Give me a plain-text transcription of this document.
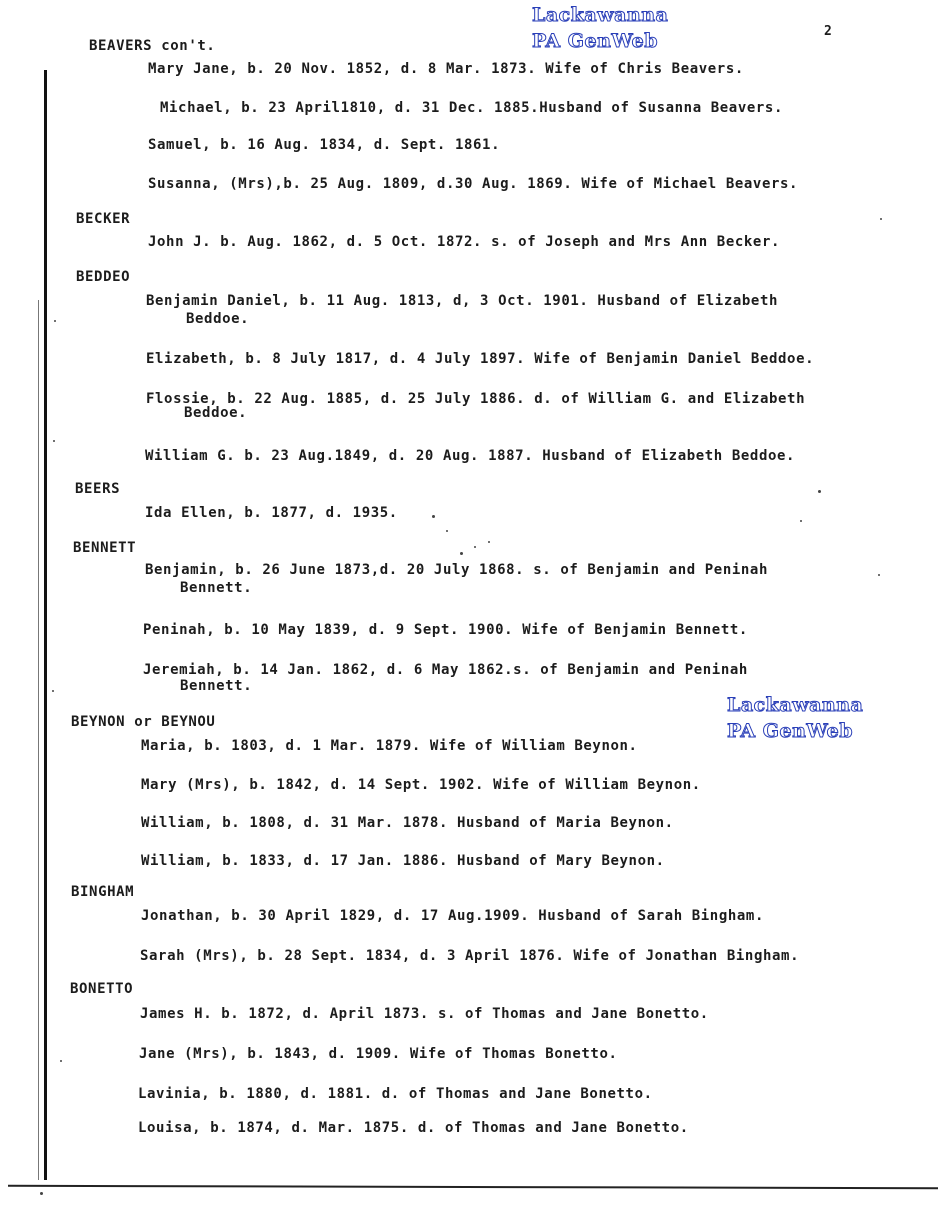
2
Lackawanna
PA GenWeb
Lackawanna
PA GenWeb
BEAVERS con't.
Mary Jane, b. 20 Nov. 1852, d. 8 Mar. 1873. Wife of Chris Beavers.
Michael, b. 23 April1810, d. 31 Dec. 1885.Husband of Susanna Beavers.
Samuel, b. 16 Aug. 1834, d. Sept. 1861.
Susanna, (Mrs),b. 25 Aug. 1809, d.30 Aug. 1869. Wife of Michael Beavers.
BECKER
John J. b. Aug. 1862, d. 5 Oct. 1872. s. of Joseph and Mrs Ann Becker.
BEDDEO
Benjamin Daniel, b. 11 Aug. 1813, d, 3 Oct. 1901. Husband of Elizabeth
Beddoe.
Elizabeth, b. 8 July 1817, d. 4 July 1897. Wife of Benjamin Daniel Beddoe.
Flossie, b. 22 Aug. 1885, d. 25 July 1886. d. of William G. and Elizabeth
Beddoe.
William G. b. 23 Aug.1849, d. 20 Aug. 1887. Husband of Elizabeth Beddoe.
BEERS
Ida Ellen, b. 1877, d. 1935.
BENNETT
Benjamin, b. 26 June 1873,d. 20 July 1868. s. of Benjamin and Peninah
Bennett.
Peninah, b. 10 May 1839, d. 9 Sept. 1900. Wife of Benjamin Bennett.
Jeremiah, b. 14 Jan. 1862, d. 6 May 1862.s. of Benjamin and Peninah
Bennett.
BEYNON or BEYNOU
Maria, b. 1803, d. 1 Mar. 1879. Wife of William Beynon.
Mary (Mrs), b. 1842, d. 14 Sept. 1902. Wife of William Beynon.
William, b. 1808, d. 31 Mar. 1878. Husband of Maria Beynon.
William, b. 1833, d. 17 Jan. 1886. Husband of Mary Beynon.
BINGHAM
Jonathan, b. 30 April 1829, d. 17 Aug.1909. Husband of Sarah Bingham.
Sarah (Mrs), b. 28 Sept. 1834, d. 3 April 1876. Wife of Jonathan Bingham.
BONETTO
James H. b. 1872, d. April 1873. s. of Thomas and Jane Bonetto.
Jane (Mrs), b. 1843, d. 1909. Wife of Thomas Bonetto.
Lavinia, b. 1880, d. 1881. d. of Thomas and Jane Bonetto.
Louisa, b. 1874, d. Mar. 1875. d. of Thomas and Jane Bonetto.
